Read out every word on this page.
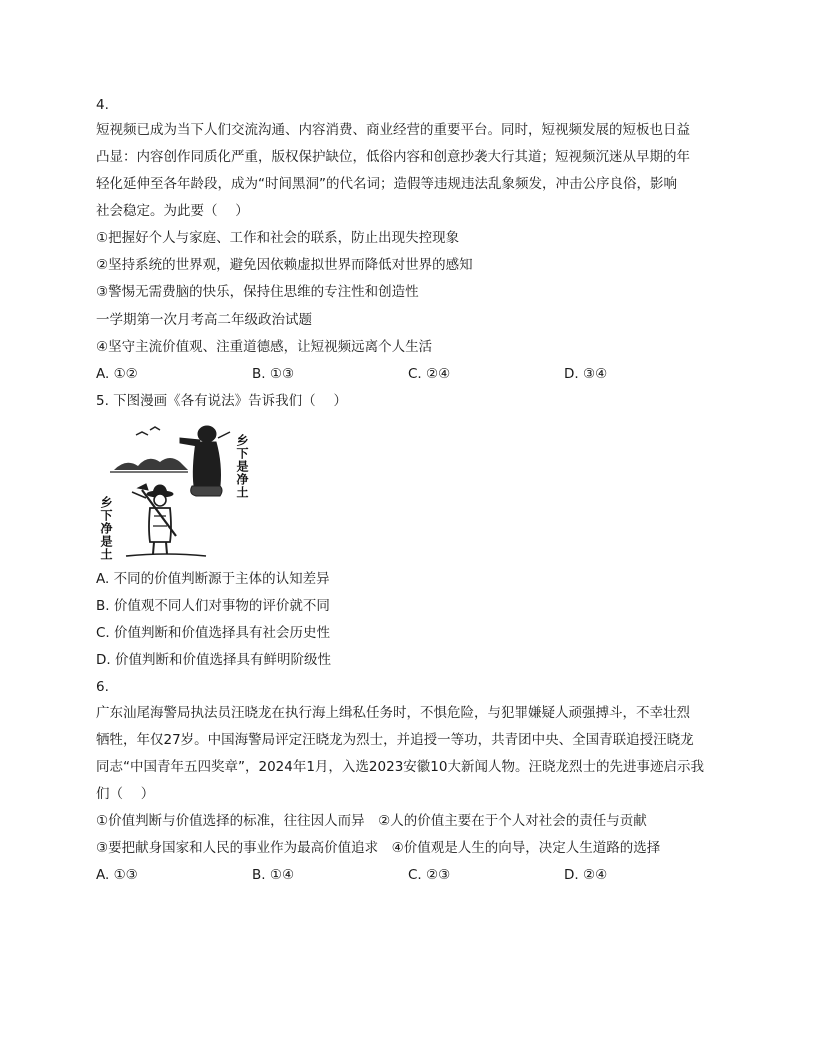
4.
短视频已成为当下人们交流沟通、内容消费、商业经营的重要平台。同时，短视频发展的短板也日益
凸显：内容创作同质化严重，版权保护缺位，低俗内容和创意抄袭大行其道；短视频沉迷从早期的年
轻化延伸至各年龄段，成为“时间黑洞”的代名词；造假等违规违法乱象频发，冲击公序良俗，影响
社会稳定。为此要（　 ）
①把握好个人与家庭、工作和社会的联系，防止出现失控现象
②坚持系统的世界观，避免因依赖虚拟世界而降低对世界的感知
③警惕无需费脑的快乐，保持住思维的专注性和创造性
一学期第一次月考高二年级政治试题
④坚守主流价值观、注重道德感，让短视频远离个人生活
A. ①②	B. ①③	C. ②④	D. ③④
5. 下图漫画《各有说法》告诉我们（　 ）
乡下是净土
乡下净是土
A. 不同的价值判断源于主体的认知差异
B. 价值观不同人们对事物的评价就不同
C. 价值判断和价值选择具有社会历史性
D. 价值判断和价值选择具有鲜明阶级性
6.
广东汕尾海警局执法员汪晓龙在执行海上缉私任务时，不惧危险，与犯罪嫌疑人顽强搏斗，不幸壮烈
牺牲，年仅27岁。中国海警局评定汪晓龙为烈士，并追授一等功，共青团中央、全国青联追授汪晓龙
同志“中国青年五四奖章”，2024年1月，入选2023安徽10大新闻人物。汪晓龙烈士的先进事迹启示我
们（　 ）
①价值判断与价值选择的标准，往往因人而异　②人的价值主要在于个人对社会的责任与贡献
③要把献身国家和人民的事业作为最高价值追求　④价值观是人生的向导，决定人生道路的选择
A. ①③	B. ①④	C. ②③	D. ②④
